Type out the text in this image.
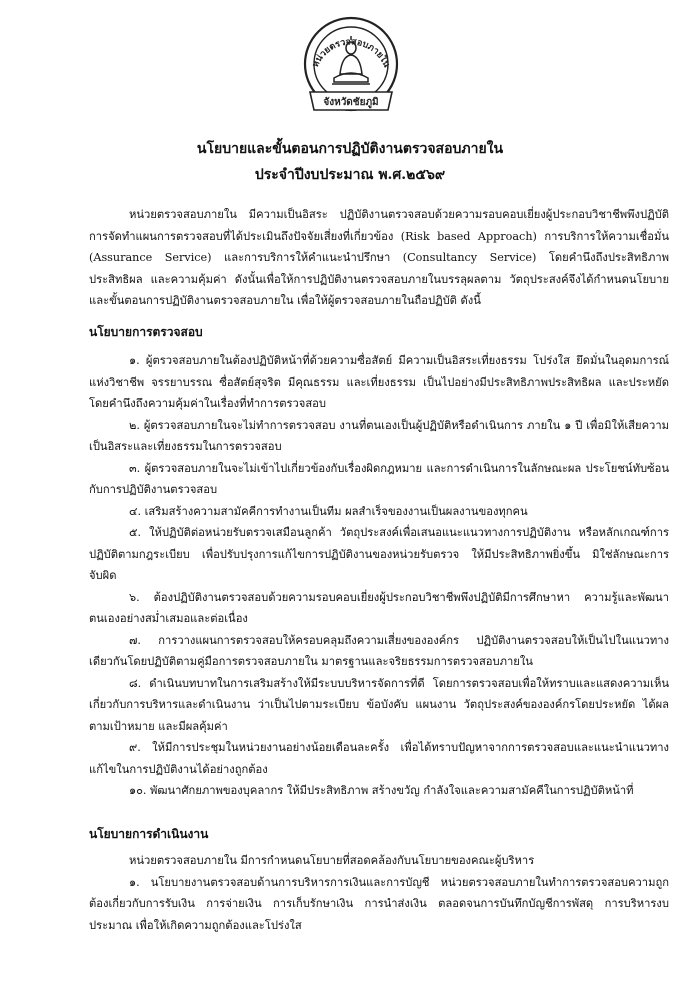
หน่วยตรวจสอบภายใน
จังหวัดชัยภูมิ
นโยบายและขั้นตอนการปฏิบัติงานตรวจสอบภายใน
ประจำปีงบประมาณ พ.ศ.๒๕๖๙

หน่วยตรวจสอบภายใน มีความเป็นอิสระ ปฏิบัติงานตรวจสอบด้วยความรอบคอบเยี่ยงผู้ประกอบวิชาชีพพึงปฏิบัติ การจัดทำแผนการตรวจสอบที่ได้ประเมินถึงปัจจัยเสี่ยงที่เกี่ยวข้อง (Risk based Approach) การบริการให้ความเชื่อมั่น (Assurance Service) และการบริการให้คำแนะนำปรึกษา (Consultancy Service) โดยคำนึงถึงประสิทธิภาพ ประสิทธิผล และความคุ้มค่า ดังนั้นเพื่อให้การปฏิบัติงานตรวจสอบภายในบรรลุผลตาม วัตถุประสงค์จึงได้กำหนดนโยบาย และขั้นตอนการปฏิบัติงานตรวจสอบภายใน เพื่อให้ผู้ตรวจสอบภายในถือปฏิบัติ ดังนี้

นโยบายการตรวจสอบ

๑. ผู้ตรวจสอบภายในต้องปฏิบัติหน้าที่ด้วยความซื่อสัตย์ มีความเป็นอิสระเที่ยงธรรม โปร่งใส ยึดมั่นในอุดมการณ์แห่งวิชาชีพ จรรยาบรรณ ซื่อสัตย์สุจริต มีคุณธรรม และเที่ยงธรรม เป็นไปอย่างมีประสิทธิภาพประสิทธิผล และประหยัด โดยคำนึงถึงความคุ้มค่าในเรื่องที่ทำการตรวจสอบ

๒. ผู้ตรวจสอบภายในจะไม่ทำการตรวจสอบ งานที่ตนเองเป็นผู้ปฏิบัติหรือดำเนินการ ภายใน ๑ ปี เพื่อมิให้เสียความเป็นอิสระและเที่ยงธรรมในการตรวจสอบ

๓. ผู้ตรวจสอบภายในจะไม่เข้าไปเกี่ยวข้องกับเรื่องผิดกฎหมาย และการดำเนินการในลักษณะผล ประโยชน์ทับซ้อนกับการปฏิบัติงานตรวจสอบ

๔. เสริมสร้างความสามัคคีการทำงานเป็นทีม ผลสำเร็จของงานเป็นผลงานของทุกคน

๕. ให้ปฏิบัติต่อหน่วยรับตรวจเสมือนลูกค้า วัตถุประสงค์เพื่อเสนอแนะแนวทางการปฏิบัติงาน หรือหลักเกณฑ์การปฏิบัติตามกฎระเบียบ เพื่อปรับปรุงการแก้ไขการปฏิบัติงานของหน่วยรับตรวจ ให้มีประสิทธิภาพยิ่งขึ้น มิใช่ลักษณะการจับผิด

๖. ต้องปฏิบัติงานตรวจสอบด้วยความรอบคอบเยี่ยงผู้ประกอบวิชาชีพพึงปฏิบัติมีการศึกษาหา ความรู้และพัฒนาตนเองอย่างสม่ำเสมอและต่อเนื่อง

๗. การวางแผนการตรวจสอบให้ครอบคลุมถึงความเสี่ยงขององค์กร ปฏิบัติงานตรวจสอบให้เป็นไปในแนวทางเดียวกันโดยปฏิบัติตามคู่มือการตรวจสอบภายใน มาตรฐานและจริยธรรมการตรวจสอบภายใน

๘. ดำเนินบทบาทในการเสริมสร้างให้มีระบบบริหารจัดการที่ดี โดยการตรวจสอบเพื่อให้ทราบและแสดงความเห็นเกี่ยวกับการบริหารและดำเนินงาน ว่าเป็นไปตามระเบียบ ข้อบังคับ แผนงาน วัตถุประสงค์ขององค์กรโดยประหยัด ได้ผลตามเป้าหมาย และมีผลคุ้มค่า

๙. ให้มีการประชุมในหน่วยงานอย่างน้อยเดือนละครั้ง เพื่อได้ทราบปัญหาจากการตรวจสอบและแนะนำแนวทางแก้ไขในการปฏิบัติงานได้อย่างถูกต้อง

๑๐. พัฒนาศักยภาพของบุคลากร ให้มีประสิทธิภาพ สร้างขวัญ กำลังใจและความสามัคคีในการปฏิบัติหน้าที่

นโยบายการดำเนินงาน

หน่วยตรวจสอบภายใน มีการกำหนดนโยบายที่สอดคล้องกับนโยบายของคณะผู้บริหาร

๑. นโยบายงานตรวจสอบด้านการบริหารการเงินและการบัญชี หน่วยตรวจสอบภายในทำการตรวจสอบความถูกต้องเกี่ยวกับการรับเงิน การจ่ายเงิน การเก็บรักษาเงิน การนำส่งเงิน ตลอดจนการบันทึกบัญชีการพัสดุ การบริหารงบประมาณ เพื่อให้เกิดความถูกต้องและโปร่งใส
